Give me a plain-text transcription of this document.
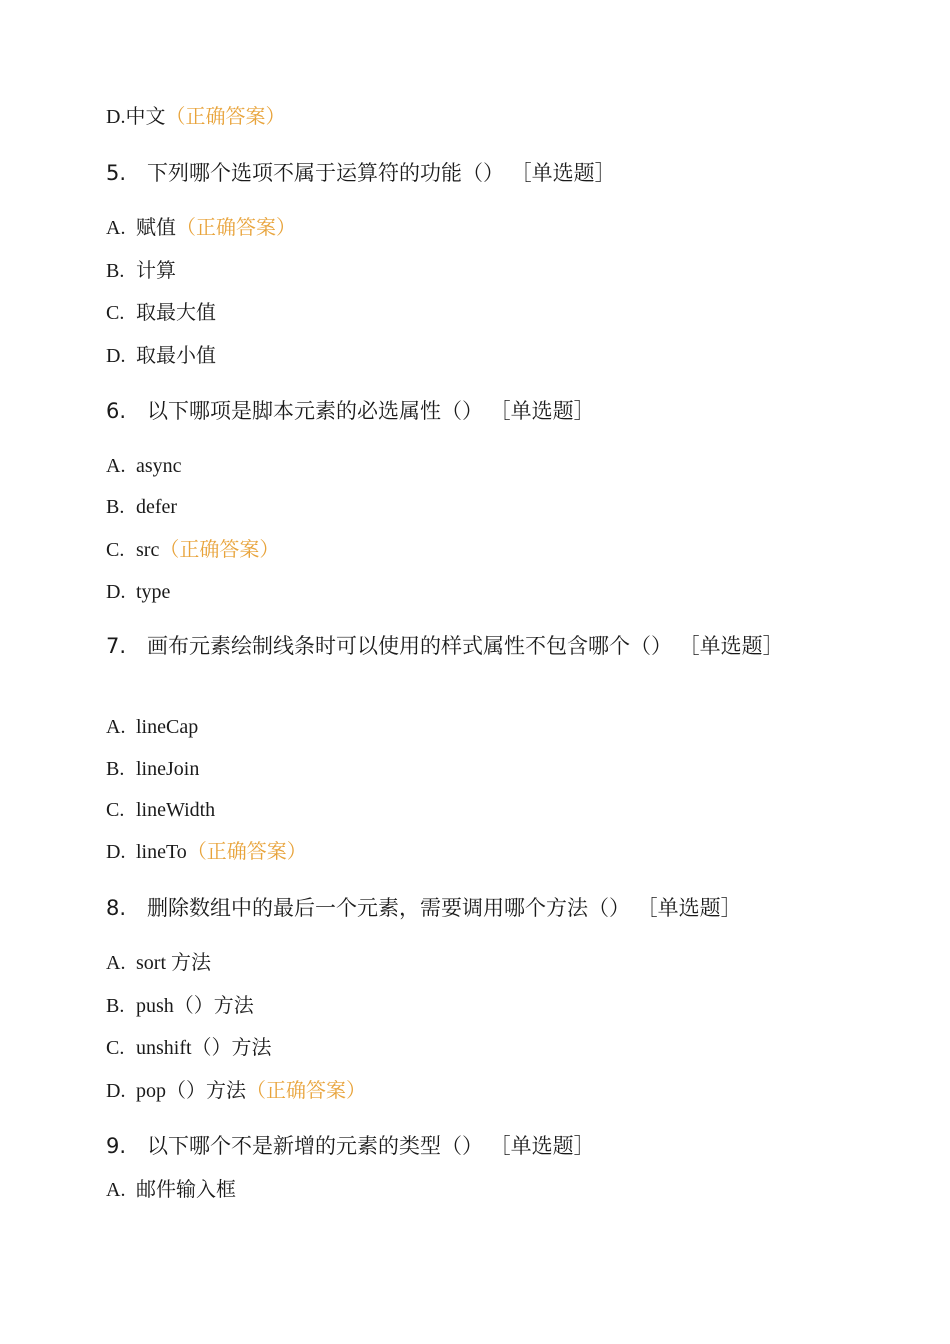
D.中文（正确答案）
5. 下列哪个选项不属于运算符的功能（） ［单选题］
A. 赋值（正确答案）
B. 计算
C. 取最大值
D. 取最小值
6. 以下哪项是脚本元素的必选属性（） ［单选题］
A. async
B. defer
C. src（正确答案）
D. type
7. 画布元素绘制线条时可以使用的样式属性不包含哪个（） ［单选题］
A. lineCap
B. lineJoin
C. lineWidth
D. lineTo（正确答案）
8. 删除数组中的最后一个元素，需要调用哪个方法（） ［单选题］
A. sort 方法
B. push（）方法
C. unshift（）方法
D. pop（）方法（正确答案）
9. 以下哪个不是新增的元素的类型（） ［单选题］
A. 邮件输入框
